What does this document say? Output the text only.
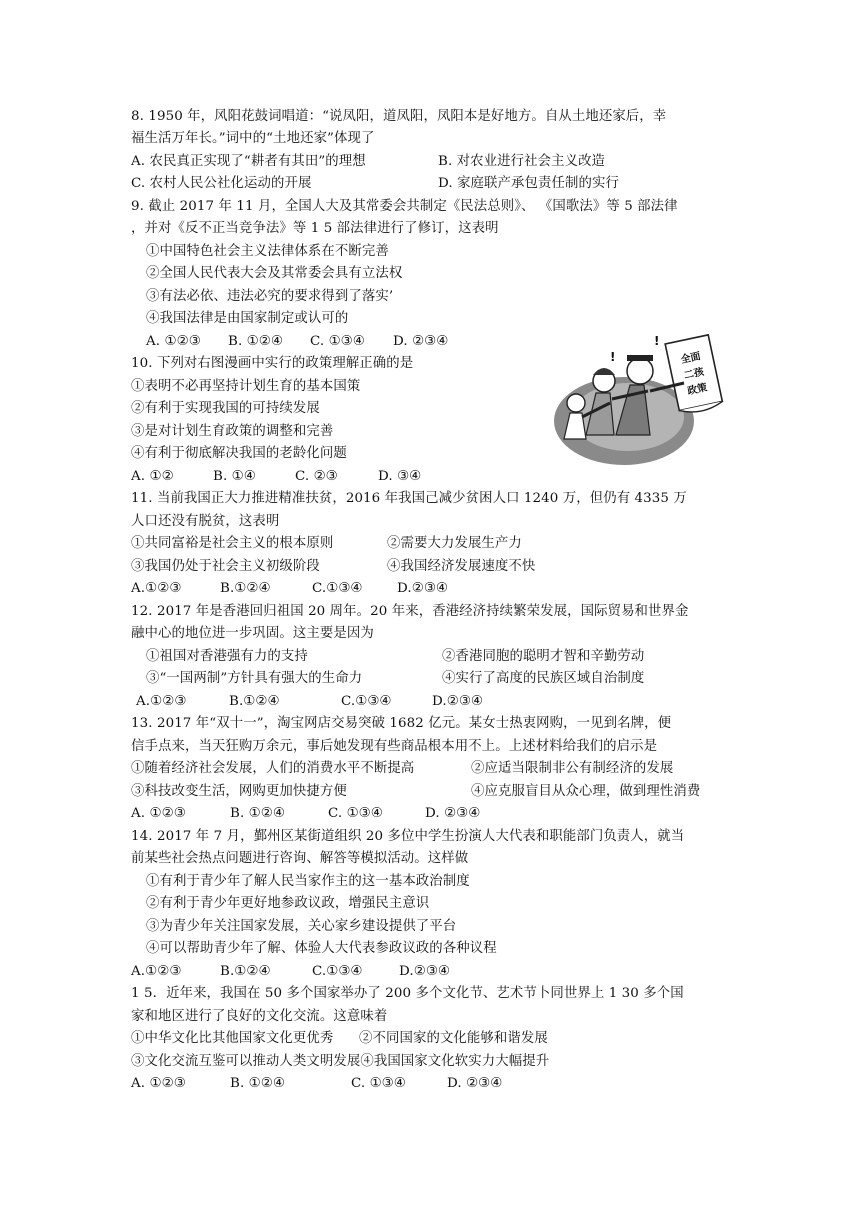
8. 1950 年，风阳花鼓词唱道：“说凤阳，道凤阳，凤阳本是好地方。自从土地还家后，幸
福生活万年长。”词中的“土地还家”体现了
A. 农民真正实现了“耕者有其田”的理想	B. 对农业进行社会主义改造
C. 农村人民公社化运动的开展	D. 家庭联产承包责任制的实行
9. 截止 2017 年 11 月，全国人大及其常委会共制定《民法总则》、 《国歌法》等 5 部法律
，并对《反不正当竞争法》等 1 5 部法律进行了修订，这表明
①中国特色社会主义法律体系在不断完善
②全国人民代表大会及其常委会具有立法权
③有法必依、违法必究的要求得到了落实’
④我国法律是由国家制定或认可的
A. ①②③ B. ①②④ C. ①③④ D. ②③④
10. 下列对右图漫画中实行的政策理解正确的是
①表明不必再坚持计划生育的基本国策
②有利于实现我国的可持续发展
③是对计划生育政策的调整和完善
④有利于彻底解决我国的老龄化问题
A. ①②	B. ①④	C. ②③	D. ③④
全面
二孩
政策
!
!
11. 当前我国正大力推进精准扶贫，2016 年我国己减少贫困人口 1240 万，但仍有 4335 万
人口还没有脱贫，这表明
①共同富裕是社会主义的根本原则	②需要大力发展生产力
③我国仍处于社会主义初级阶段	④我国经济发展速度不快
A.①②③	B.①②④	C.①③④	D.②③④
12. 2017 年是香港回归祖国 20 周年。20 年来，香港经济持续繁荣发展，国际贸易和世界金
融中心的地位进一步巩固。这主要是因为
①祖国对香港强有力的支持	②香港同胞的聪明才智和辛勤劳动
③“一国两制”方针具有强大的生命力	④实行了高度的民族区域自治制度
A.①②③	B.①②④	C.①③④	D.②③④
13. 2017 年“双十一”，淘宝网店交易突破 1682 亿元。某女士热衷网购，一见到名牌，便
信手点来，当天狂购万余元，事后她发现有些商品根本用不上。上述材料给我们的启示是
①随着经济社会发展，人们的消费水平不断提高	②应适当限制非公有制经济的发展
③科技改变生活，网购更加快捷方便	④应克服盲目从众心理，做到理性消费
A. ①②③	B. ①②④	C. ①③④	D. ②③④
14. 2017 年 7 月，鄞州区某街道组织 20 多位中学生扮演人大代表和职能部门负责人，就当
前某些社会热点问题进行咨询、解答等模拟活动。这样做
①有利于青少年了解人民当家作主的这一基本政治制度
②有利于青少年更好地参政议政，增强民主意识
③为青少年关注国家发展，关心家乡建设提供了平台
④可以帮助青少年了解、体验人大代表参政议政的各种议程
A.①②③	B.①②④	C.①③④	D.②③④
1 5．近年来，我国在 50 多个国家举办了 200 多个文化节、艺术节卜同世界上 1 30 多个国
家和地区进行了良好的文化交流。这意味着
①中华文化比其他国家文化更优秀 ②不同国家的文化能够和谐发展
③文化交流互鉴可以推动人类文明发展④我国国家文化软实力大幅提升
A. ①②③	B. ①②④	C. ①③④	D. ②③④
